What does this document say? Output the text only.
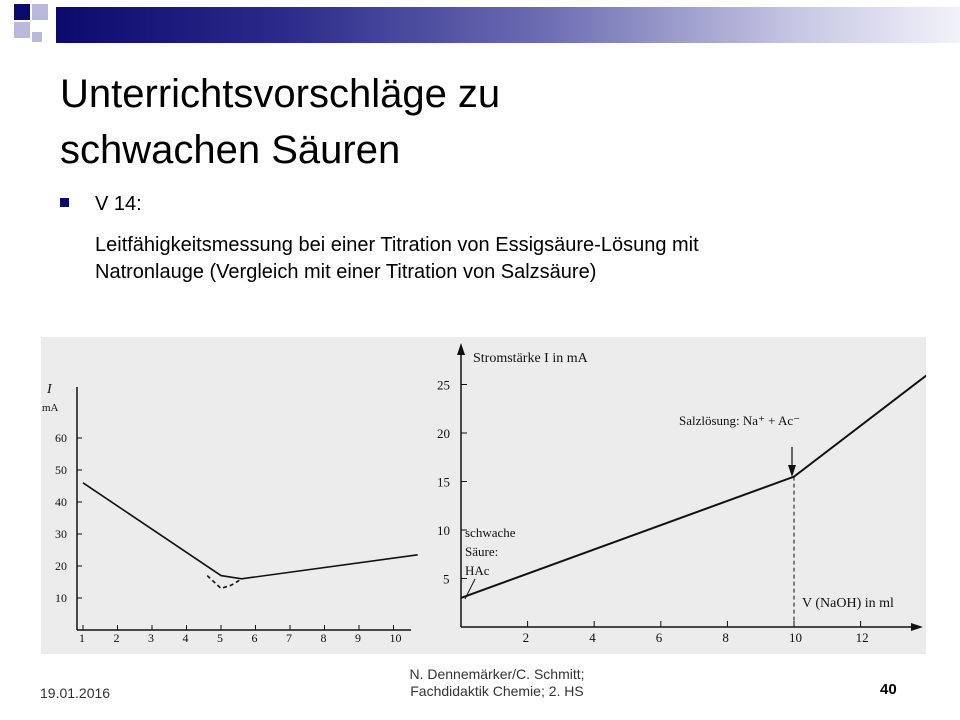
Unterrichtsvorschläge zu
schwachen Säuren
V 14:
Leitfähigkeitsmessung bei einer Titration von Essigsäure-Lösung mit
Natronlauge (Vergleich mit einer Titration von Salzsäure)
I
mA
1 2 3 4 5 6 7 8 9 10
10
20
30
40
50
60
Stromstärke I in mA
V (NaOH) in ml
Salzlösung: Na⁺ + Ac⁻
schwache
Säure:
HAc
2	4	6	8	10	12
5
10
15
20
25
19.01.2016
N. Dennemärker/C. Schmitt;
Fachdidaktik Chemie; 2. HS	40
